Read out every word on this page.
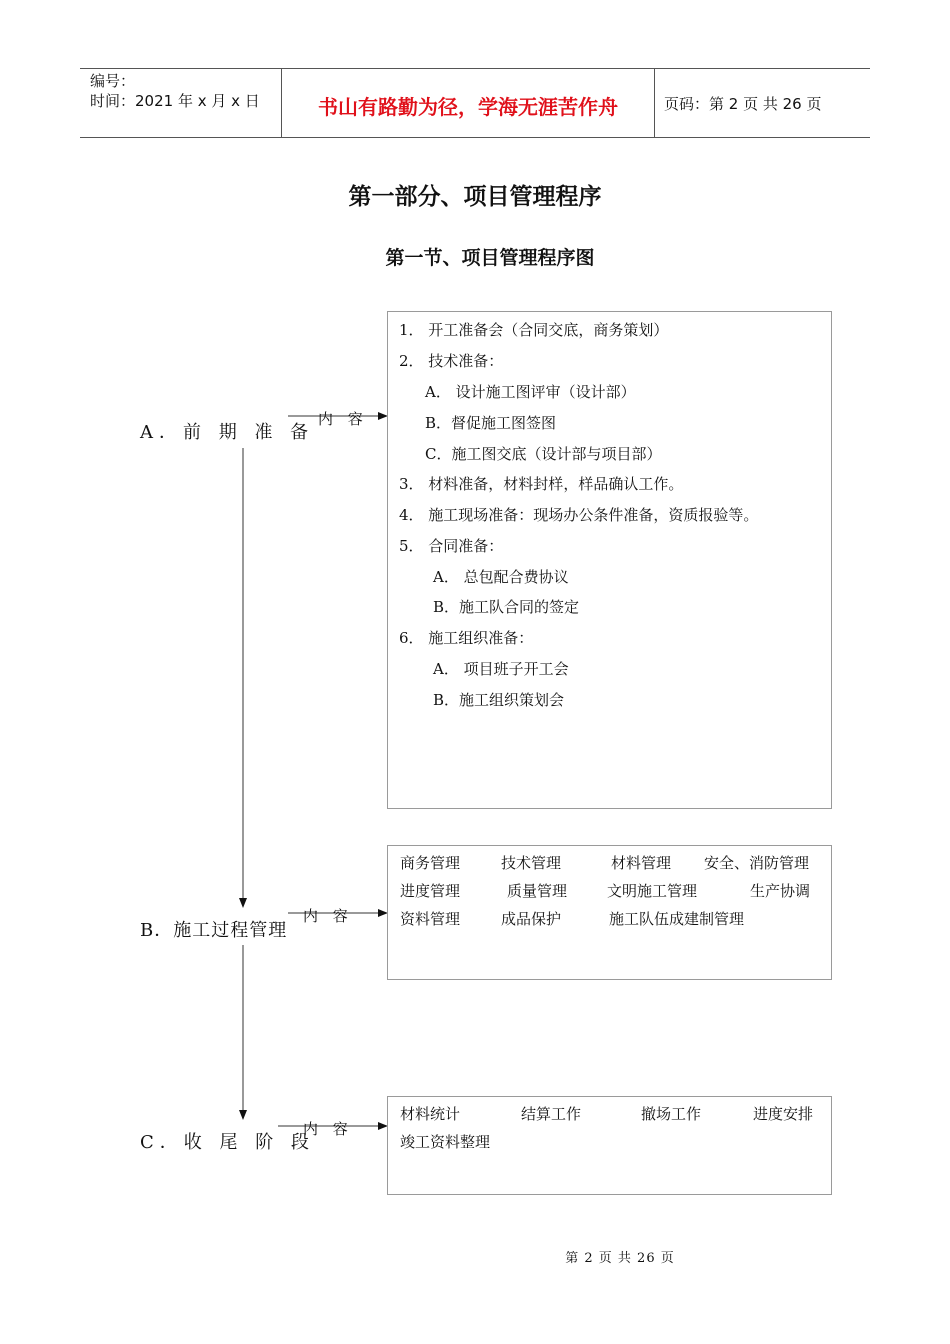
编号：
时间：2021 年 x 月 x 日	书山有路勤为径，学海无涯苦作舟	页码：第 2 页 共 26 页
第一部分、项目管理程序
第一节、项目管理程序图
A．前 期 准 备
B．施工过程管理
C．收 尾 阶 段
内 容
内 容
内 容
1． 开工准备会（合同交底，商务策划）
2． 技术准备：
A． 设计施工图评审（设计部）
B．督促施工图签图
C．施工图交底（设计部与项目部）
3． 材料准备，材料封样，样品确认工作。
4． 施工现场准备：现场办公条件准备，资质报验等。
5． 合同准备：
A． 总包配合费协议
B．施工队合同的签定
6． 施工组织准备：
A． 项目班子开工会
B．施工组织策划会
商务管理	技术管理	材料管理 安全、消防管理
进度管理	质量管理	文明施工管理	生产协调
资料管理	成品保护	施工队伍成建制管理
材料统计	结算工作	撤场工作	进度安排
竣工资料整理
第 2 页 共 26 页
